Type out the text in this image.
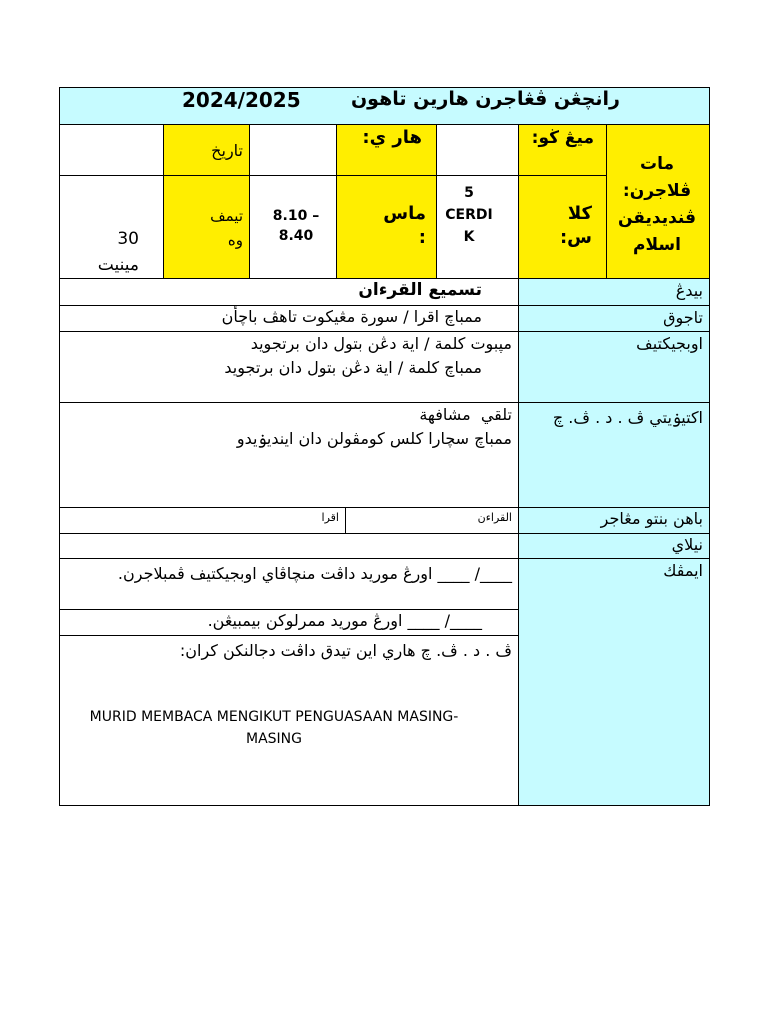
2024/2025	رانچڠن ڤڠاجرن هارين تاهون
تاريخ
هار ي:	ميڠ ڬو:
مات ڤلاجرن: ڤنديديقن اسلام
30 مينيت
تيمف وه
8.10 – 8.40
ماس :
5 CERDI K
كلا س:
بيدڠ
تسميع القرءان
تاجوق
ممباچ اقرا / سورة مڠيكوت تاهڤ باچأن
اوبجيكتيف
مپبوت كلمة / اية دڠن بتول دان برتجويد
ممباچ كلمة / اية دڠن بتول دان برتجويد
اكتيۏيتي ڤ . د . ڤ. چ
تلقي  مشافهة
ممباچ سچارا كلس كومڤولن دان اينديۏيدو
باهن بنتو مڠاجر
القراءن
اقرا
نيلاي
ايمڤك
____/ ____ اورڠ موريد داڤت منچاڤاي اوبجيكتيف ڤمبلاجرن.
____/ ____ اورڠ موريد ممرلوكن بيمبيڠن.
ڤ . د . ڤ. چ هاري اين تيدق داڤت دجالنكن كران:
MURID MEMBACA MENGIKUT PENGUASAAN MASING-MASING
